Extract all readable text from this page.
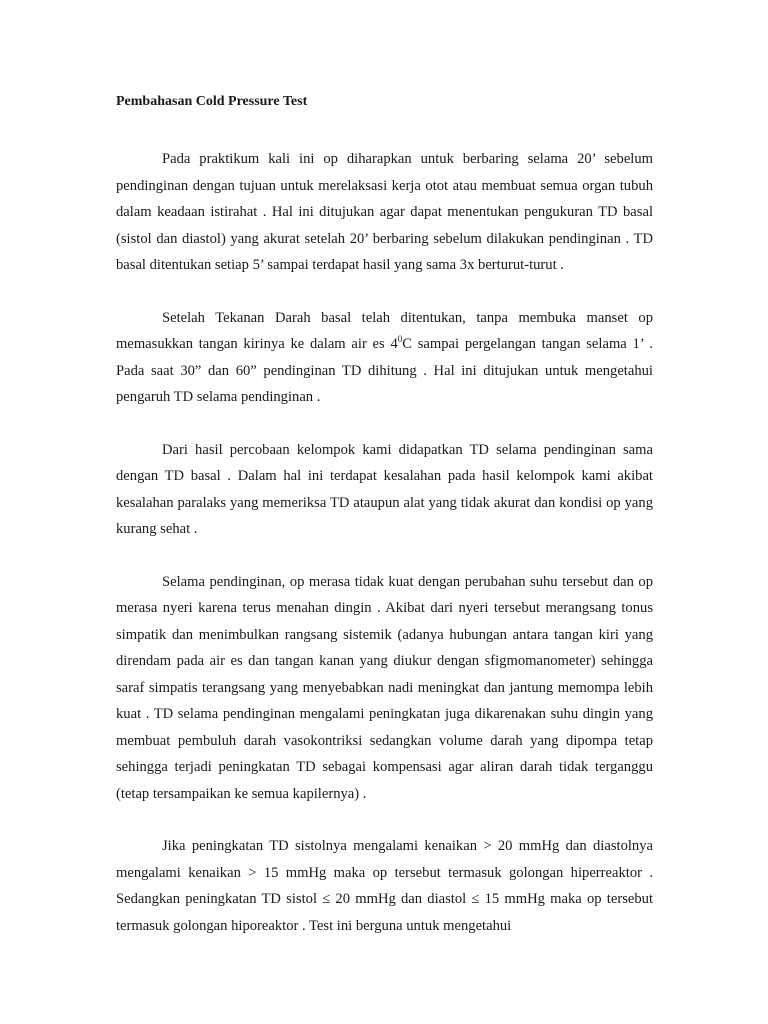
Pembahasan Cold Pressure Test

Pada praktikum kali ini op diharapkan untuk berbaring selama 20’ sebelum pendinginan dengan tujuan untuk merelaksasi kerja otot atau membuat semua organ tubuh dalam keadaan istirahat . Hal ini ditujukan agar dapat menentukan pengukuran TD basal (sistol dan diastol) yang akurat setelah 20’ berbaring sebelum dilakukan pendinginan . TD basal ditentukan setiap 5’ sampai terdapat hasil yang sama 3x berturut-turut .

Setelah Tekanan Darah basal telah ditentukan, tanpa membuka manset op memasukkan tangan kirinya ke dalam air es $4^0C$ sampai pergelangan tangan selama 1’ . Pada saat 30” dan 60” pendinginan TD dihitung . Hal ini ditujukan untuk mengetahui pengaruh TD selama pendinginan .

Dari hasil percobaan kelompok kami didapatkan TD selama pendinginan sama dengan TD basal . Dalam hal ini terdapat kesalahan pada hasil kelompok kami akibat kesalahan paralaks yang memeriksa TD ataupun alat yang tidak akurat dan kondisi op yang kurang sehat .

Selama pendinginan, op merasa tidak kuat dengan perubahan suhu tersebut dan op merasa nyeri karena terus menahan dingin . Akibat dari nyeri tersebut merangsang tonus simpatik dan menimbulkan rangsang sistemik (adanya hubungan antara tangan kiri yang direndam pada air es dan tangan kanan yang diukur dengan sfigmomanometer) sehingga saraf simpatis terangsang yang menyebabkan nadi meningkat dan jantung memompa lebih kuat . TD selama pendinginan mengalami peningkatan juga dikarenakan suhu dingin yang membuat pembuluh darah vasokontriksi sedangkan volume darah yang dipompa tetap sehingga terjadi peningkatan TD sebagai kompensasi agar aliran darah tidak terganggu (tetap tersampaikan ke semua kapilernya) .

Jika peningkatan TD sistolnya mengalami kenaikan > 20 mmHg dan diastolnya mengalami kenaikan > 15 mmHg maka op tersebut termasuk golongan hiperreaktor . Sedangkan peningkatan TD sistol ≤ 20 mmHg dan diastol ≤ 15 mmHg maka op tersebut termasuk golongan hiporeaktor . Test ini berguna untuk mengetahui
